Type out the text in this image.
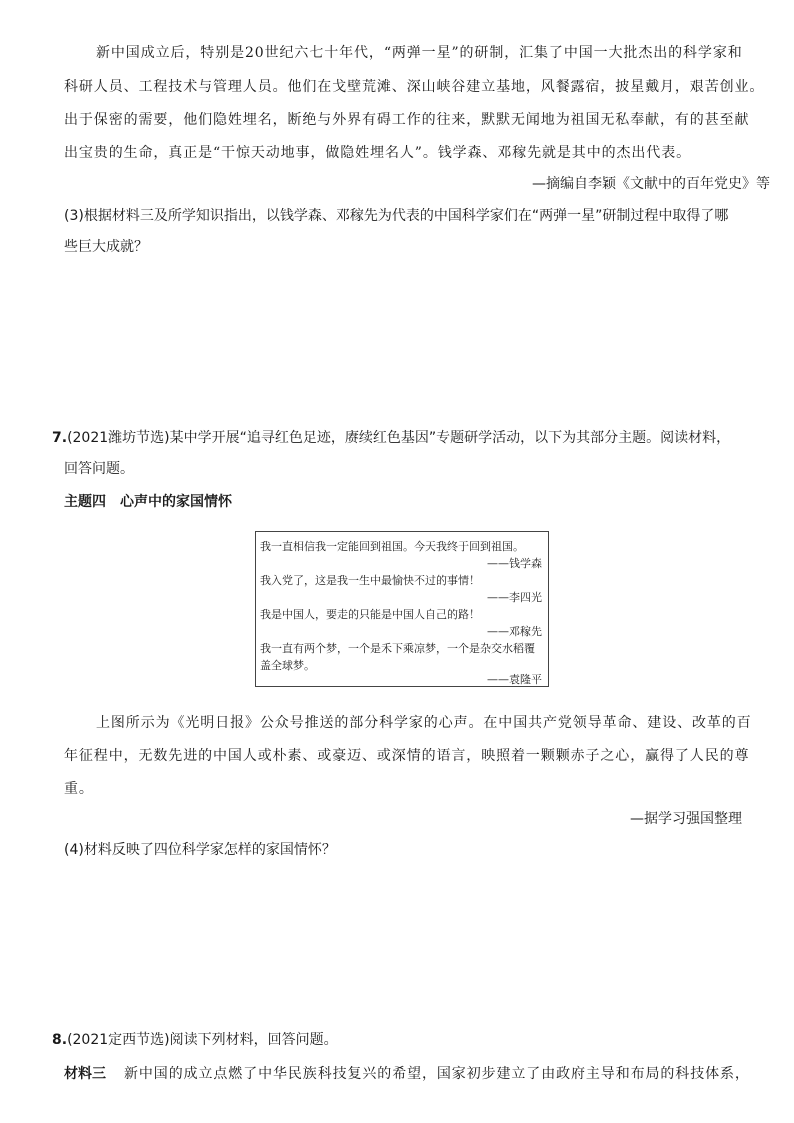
新中国成立后，特别是20世纪六七十年代，“两弹一星”的研制，汇集了中国一大批杰出的科学家和
科研人员、工程技术与管理人员。他们在戈壁荒滩、深山峡谷建立基地，风餐露宿，披星戴月，艰苦创业。
出于保密的需要，他们隐姓埋名，断绝与外界有碍工作的往来，默默无闻地为祖国无私奉献，有的甚至献
出宝贵的生命，真正是“干惊天动地事，做隐姓埋名人”。钱学森、邓稼先就是其中的杰出代表。
—摘编自李颖《文献中的百年党史》等
(3)根据材料三及所学知识指出，以钱学森、邓稼先为代表的中国科学家们在“两弹一星”研制过程中取得了哪
些巨大成就？
7.(2021潍坊节选)某中学开展“追寻红色足迹，赓续红色基因”专题研学活动，以下为其部分主题。阅读材料，
回答问题。
主题四　心声中的家国情怀
我一直相信我一定能回到祖国。今天我终于回到祖国。
——钱学森
我入党了，这是我一生中最愉快不过的事情！
——李四光
我是中国人，要走的只能是中国人自己的路！
——邓稼先
我一直有两个梦，一个是禾下乘凉梦，一个是杂交水稻覆
盖全球梦。
——袁隆平
上图所示为《光明日报》公众号推送的部分科学家的心声。在中国共产党领导革命、建设、改革的百
年征程中，无数先进的中国人或朴素、或豪迈、或深情的语言，映照着一颗颗赤子之心，赢得了人民的尊
重。
—据学习强国整理
(4)材料反映了四位科学家怎样的家国情怀？
8.(2021定西节选)阅读下列材料，回答问题。
材料三 新中国的成立点燃了中华民族科技复兴的希望，国家初步建立了由政府主导和布局的科技体系，
